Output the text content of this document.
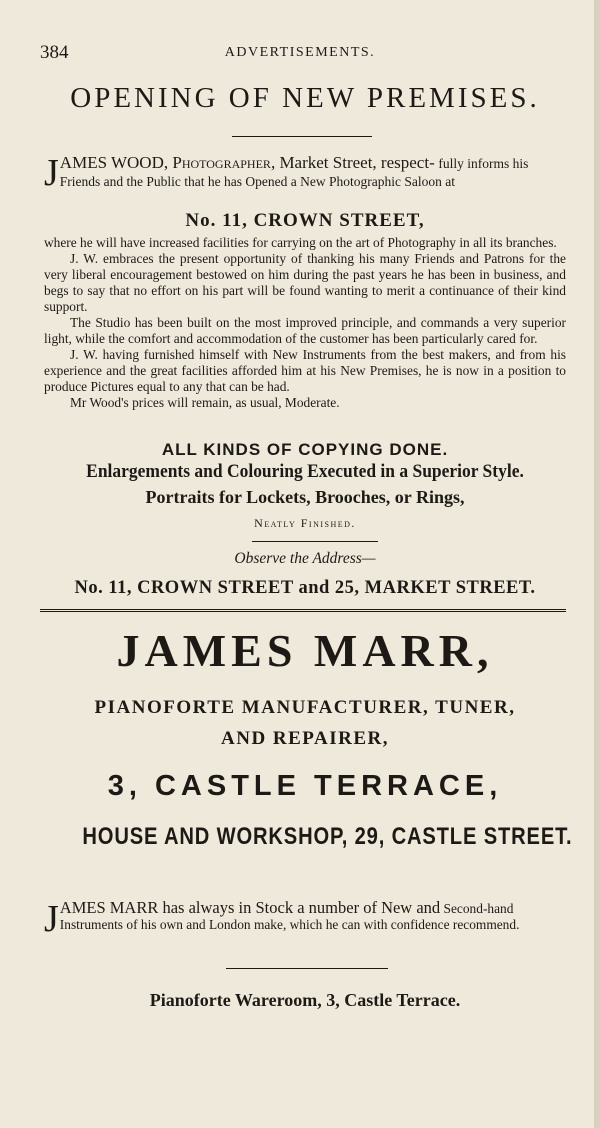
384	ADVERTISEMENTS.
OPENING OF NEW PREMISES.
JAMES WOOD, Photographer, Market Street, respect- fully informs his Friends and the Public that he has Opened a New Photographic Saloon at
No. 11, CROWN STREET,

where he will have increased facilities for carrying on the art of Photography in all its branches.

J. W. embraces the present opportunity of thanking his many Friends and Patrons for the very liberal encouragement bestowed on him during the past years he has been in business, and begs to say that no effort on his part will be found wanting to merit a continuance of their kind support.

The Studio has been built on the most improved principle, and commands a very superior light, while the comfort and accommodation of the customer has been particularly cared for.

J. W. having furnished himself with New Instruments from the best makers, and from his experience and the great facilities afforded him at his New Premises, he is now in a position to produce Pictures equal to any that can be had.

Mr Wood's prices will remain, as usual, Moderate.

ALL KINDS OF COPYING DONE.
Enlargements and Colouring Executed in a Superior Style.
Portraits for Lockets, Brooches, or Rings,
Neatly Finished.
Observe the Address—
No. 11, CROWN STREET and 25, MARKET STREET.
JAMES MARR,
PIANOFORTE MANUFACTURER, TUNER,
AND REPAIRER,
3, CASTLE TERRACE,
HOUSE AND WORKSHOP, 29, CASTLE STREET.
JAMES MARR has always in Stock a number of New and Second-hand Instruments of his own and London make, which he can with confidence recommend.
Pianoforte Wareroom, 3, Castle Terrace.
